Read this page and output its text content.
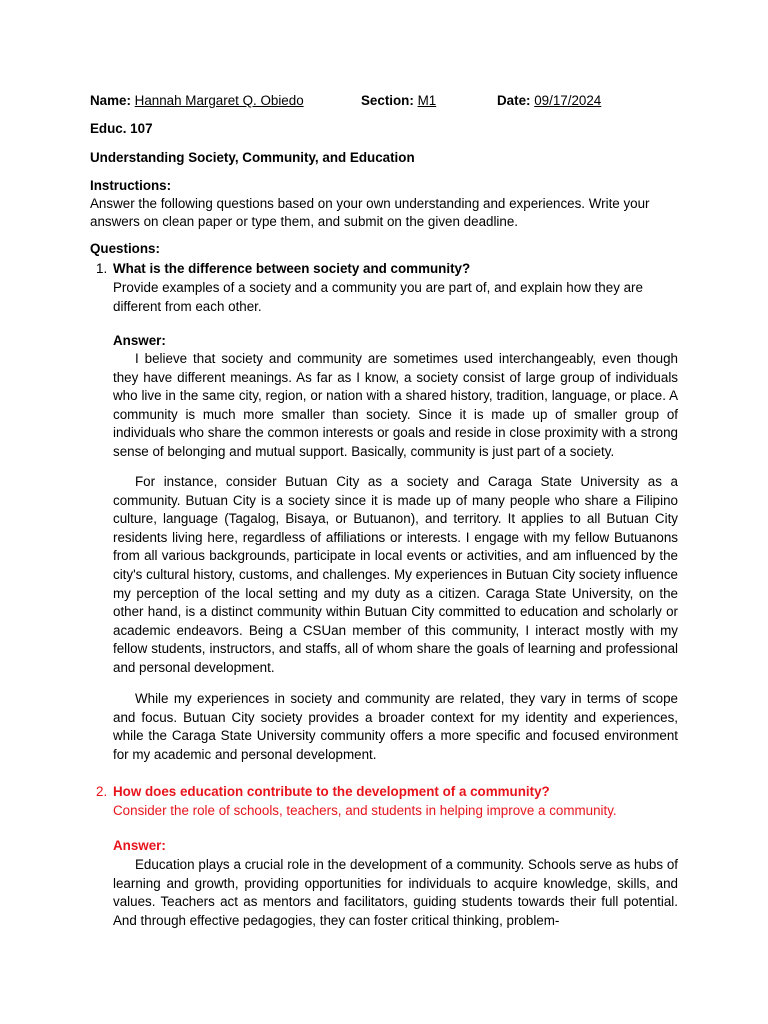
Name: Hannah Margaret Q. Obiedo	Section: M1	Date: 09/17/2024
Educ. 107
Understanding Society, Community, and Education
Instructions:
Answer the following questions based on your own understanding and experiences. Write your answers on clean paper or type them, and submit on the given deadline.
Questions:
1. What is the difference between society and community?
Provide examples of a society and a community you are part of, and explain how they are different from each other.
Answer:
I believe that society and community are sometimes used interchangeably, even though they have different meanings. As far as I know, a society consist of large group of individuals who live in the same city, region, or nation with a shared history, tradition, language, or place. A community is much more smaller than society. Since it is made up of smaller group of individuals who share the common interests or goals and reside in close proximity with a strong sense of belonging and mutual support. Basically, community is just part of a society.
For instance, consider Butuan City as a society and Caraga State University as a community. Butuan City is a society since it is made up of many people who share a Filipino culture, language (Tagalog, Bisaya, or Butuanon), and territory. It applies to all Butuan City residents living here, regardless of affiliations or interests. I engage with my fellow Butuanons from all various backgrounds, participate in local events or activities, and am influenced by the city's cultural history, customs, and challenges. My experiences in Butuan City society influence my perception of the local setting and my duty as a citizen. Caraga State University, on the other hand, is a distinct community within Butuan City committed to education and scholarly or academic endeavors. Being a CSUan member of this community, I interact mostly with my fellow students, instructors, and staffs, all of whom share the goals of learning and professional and personal development.
While my experiences in society and community are related, they vary in terms of scope and focus. Butuan City society provides a broader context for my identity and experiences, while the Caraga State University community offers a more specific and focused environment for my academic and personal development.
2. How does education contribute to the development of a community?
Consider the role of schools, teachers, and students in helping improve a community.
Answer:
Education plays a crucial role in the development of a community. Schools serve as hubs of learning and growth, providing opportunities for individuals to acquire knowledge, skills, and values. Teachers act as mentors and facilitators, guiding students towards their full potential. And through effective pedagogies, they can foster critical thinking, problem-
